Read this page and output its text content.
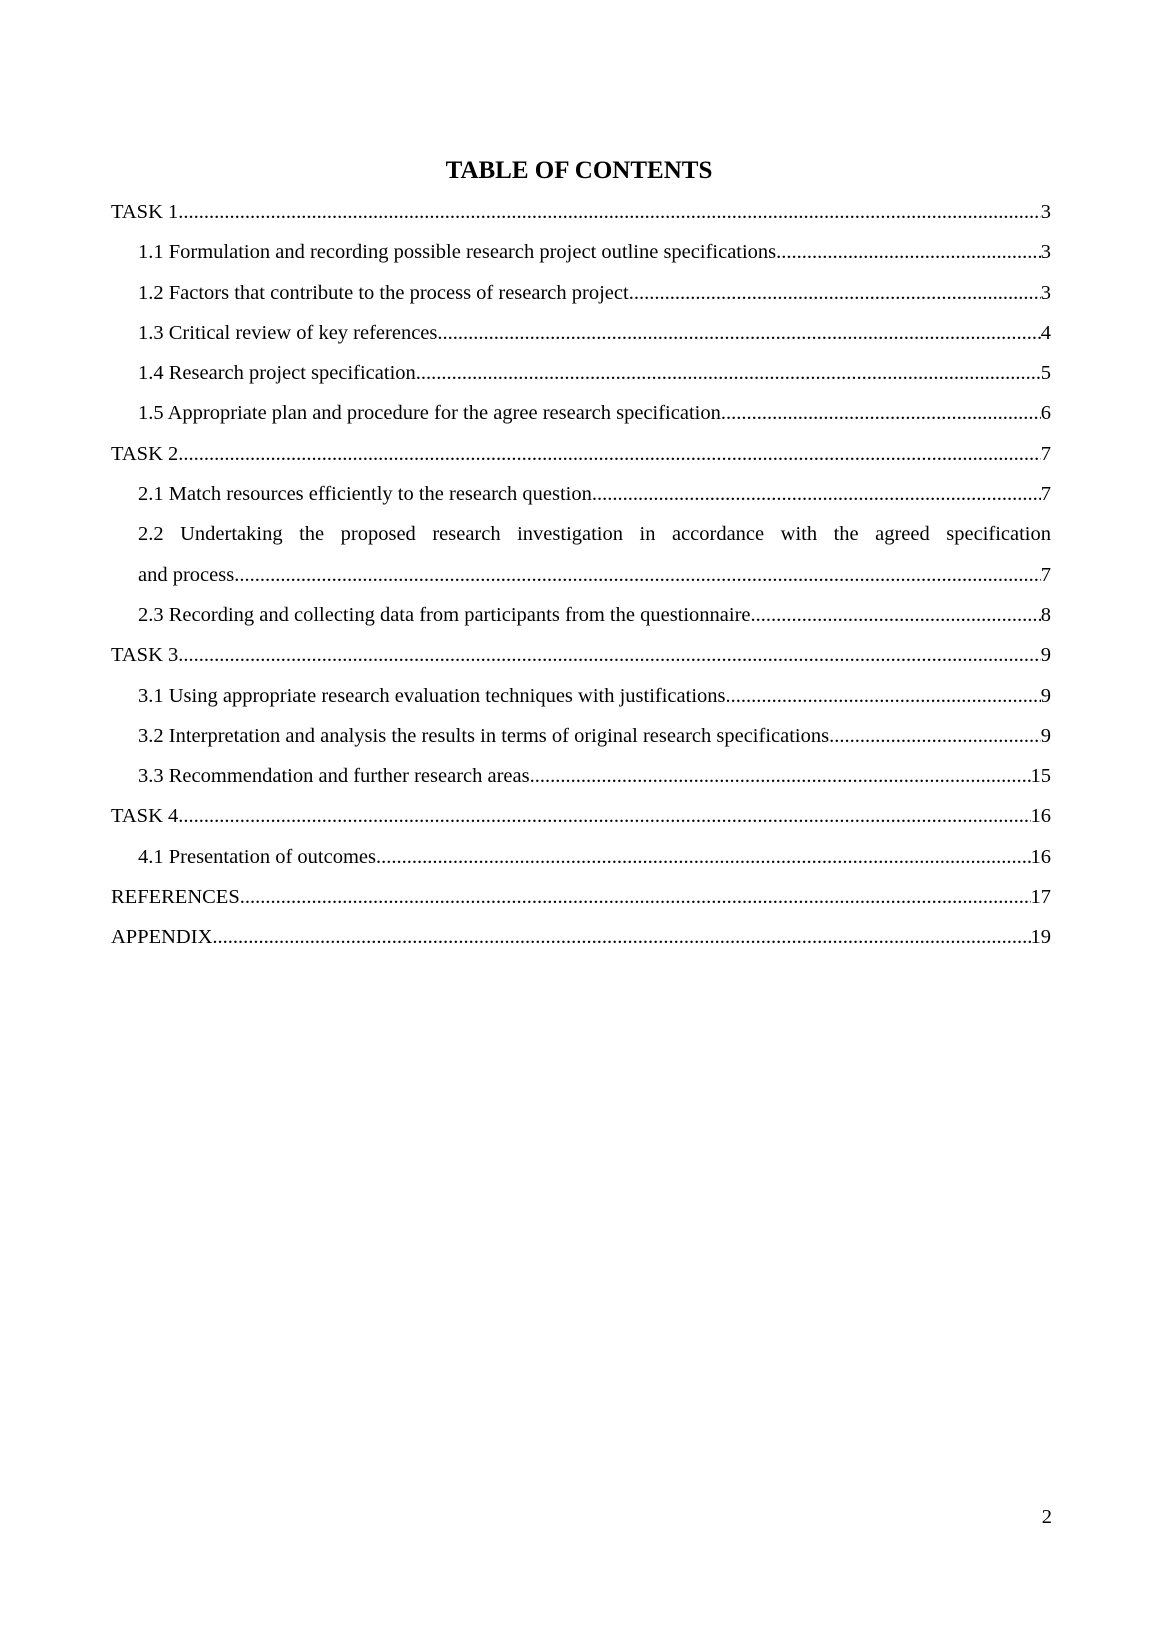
TABLE OF CONTENTS
TASK 1 .....	3
1.1 Formulation and recording possible research project outline specifications .....	3
1.2 Factors that contribute to the process of research project .....	3
1.3 Critical review of key references .....	4
1.4 Research project specification .....	5
1.5 Appropriate plan and procedure for the agree research specification .....	6
TASK 2 .....	7
2.1 Match resources efficiently to the research question .....	7
2.2 Undertaking the proposed research investigation in accordance with the agreed specification
and process .....	7
2.3 Recording and collecting data from participants from the questionnaire .....	8
TASK 3 .....	9
3.1 Using appropriate research evaluation techniques with justifications .....	9
3.2 Interpretation and analysis the results in terms of original research specifications .....	9
3.3 Recommendation and further research areas .....	15
TASK 4 .....	16
4.1 Presentation of outcomes .....	16
REFERENCES .....	17
APPENDIX .....	19
2
